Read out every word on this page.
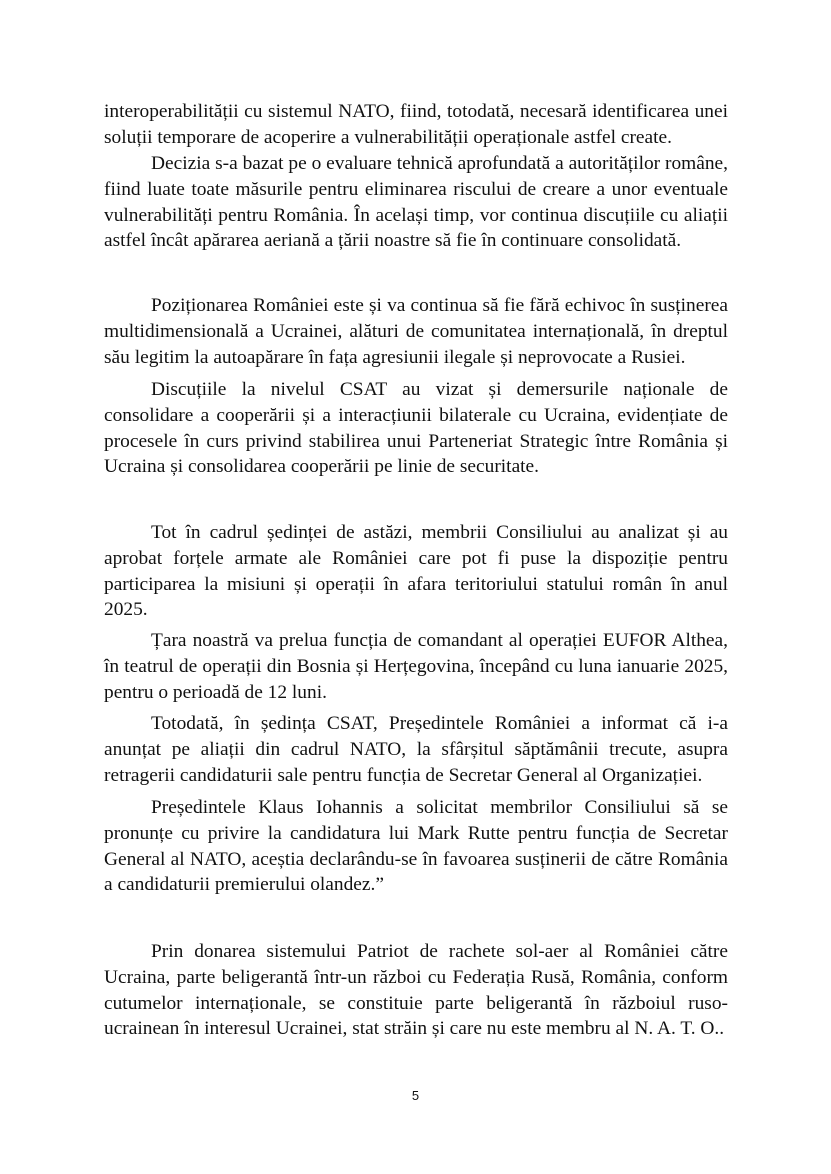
interoperabilității cu sistemul NATO, fiind, totodată, necesară identificarea unei soluții temporare de acoperire a vulnerabilității operaționale astfel create.

Decizia s-a bazat pe o evaluare tehnică aprofundată a autorităților române, fiind luate toate măsurile pentru eliminarea riscului de creare a unor eventuale vulnerabilități pentru România. În același timp, vor continua discuțiile cu aliații astfel încât apărarea aeriană a țării noastre să fie în continuare consolidată.

Poziționarea României este și va continua să fie fără echivoc în susținerea multidimensională a Ucrainei, alături de comunitatea internațională, în dreptul său legitim la autoapărare în fața agresiunii ilegale și neprovocate a Rusiei.

Discuțiile la nivelul CSAT au vizat și demersurile naționale de consolidare a cooperării și a interacțiunii bilaterale cu Ucraina, evidențiate de procesele în curs privind stabilirea unui Parteneriat Strategic între România și Ucraina și consolidarea cooperării pe linie de securitate.

Tot în cadrul ședinței de astăzi, membrii Consiliului au analizat și au aprobat forțele armate ale României care pot fi puse la dispoziție pentru participarea la misiuni și operații în afara teritoriului statului român în anul 2025.

Țara noastră va prelua funcția de comandant al operației EUFOR Althea, în teatrul de operații din Bosnia și Herțegovina, începând cu luna ianuarie 2025, pentru o perioadă de 12 luni.

Totodată, în ședința CSAT, Președintele României a informat că i-a anunțat pe aliații din cadrul NATO, la sfârșitul săptămânii trecute, asupra retragerii candidaturii sale pentru funcția de Secretar General al Organizației.

Președintele Klaus Iohannis a solicitat membrilor Consiliului să se pronunțe cu privire la candidatura lui Mark Rutte pentru funcția de Secretar General al NATO, aceștia declarându-se în favoarea susținerii de către România a candidaturii premierului olandez.”

Prin donarea sistemului Patriot de rachete sol-aer al României către Ucraina, parte beligerantă într-un război cu Federația Rusă, România, conform cutumelor internaționale, se constituie parte beligerantă în războiul ruso-ucrainean în interesul Ucrainei, stat străin și care nu este membru al N. A. T. O..

5
